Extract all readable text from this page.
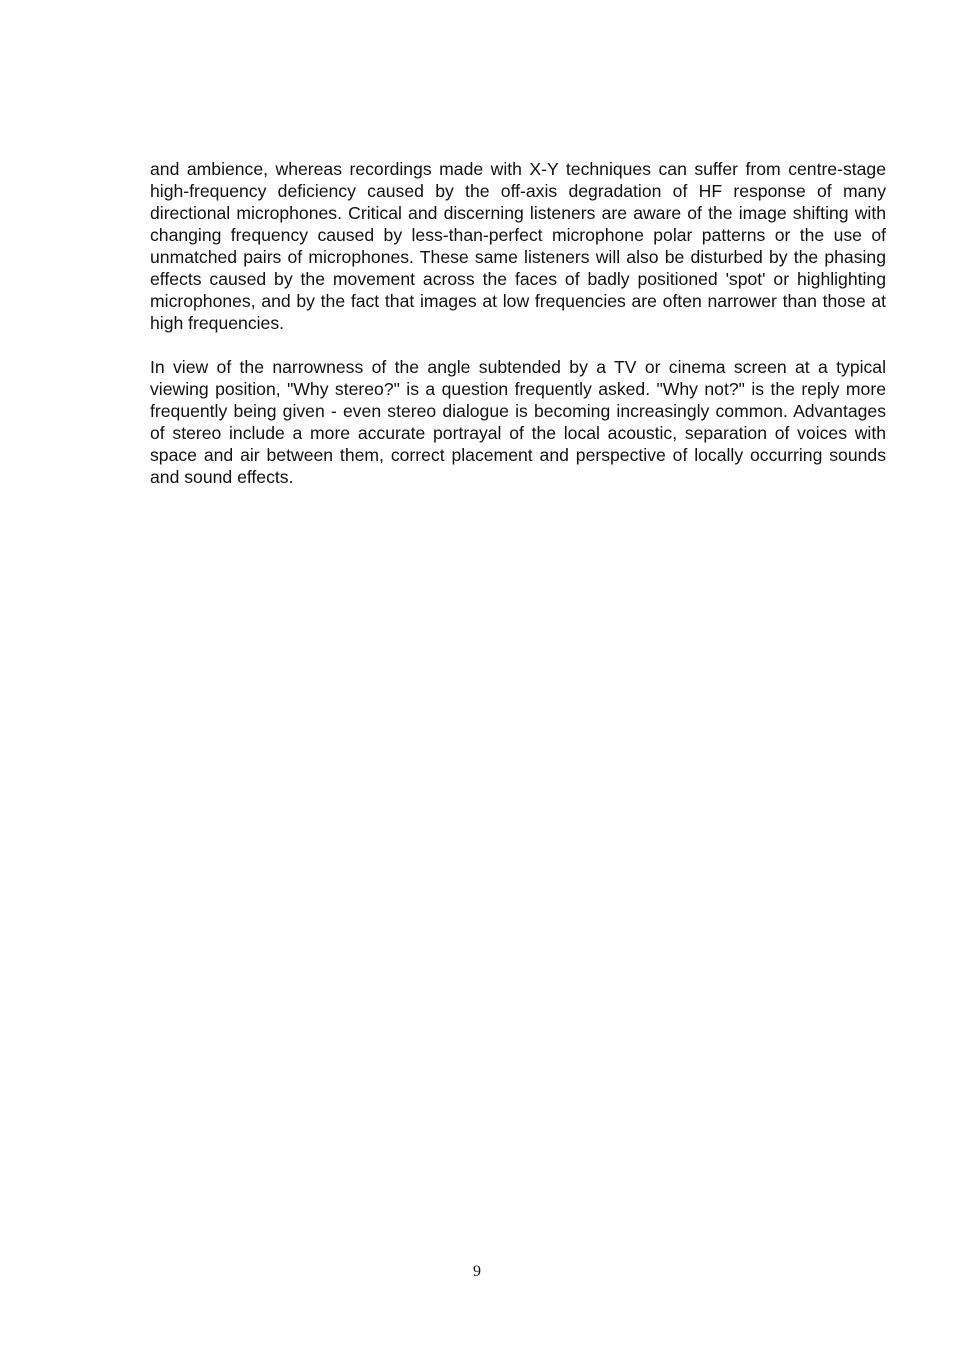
and ambience, whereas recordings made with X-Y techniques can suffer from centre-stage high-frequency deficiency caused by the off-axis degradation of HF response of many directional microphones. Critical and discerning listeners are aware of the image shifting with changing frequency caused by less-than-perfect microphone polar patterns or the use of unmatched pairs of microphones. These same listeners will also be disturbed by the phasing effects caused by the movement across the faces of badly positioned 'spot' or highlighting microphones, and by the fact that images at low frequencies are often narrower than those at high frequencies.

In view of the narrowness of the angle subtended by a TV or cinema screen at a typical viewing position, "Why stereo?" is a question frequently asked. "Why not?" is the reply more frequently being given - even stereo dialogue is becoming increasingly common. Advantages of stereo include a more accurate portrayal of the local acoustic, separation of voices with space and air between them, correct placement and perspective of locally occurring sounds and sound effects.

9
